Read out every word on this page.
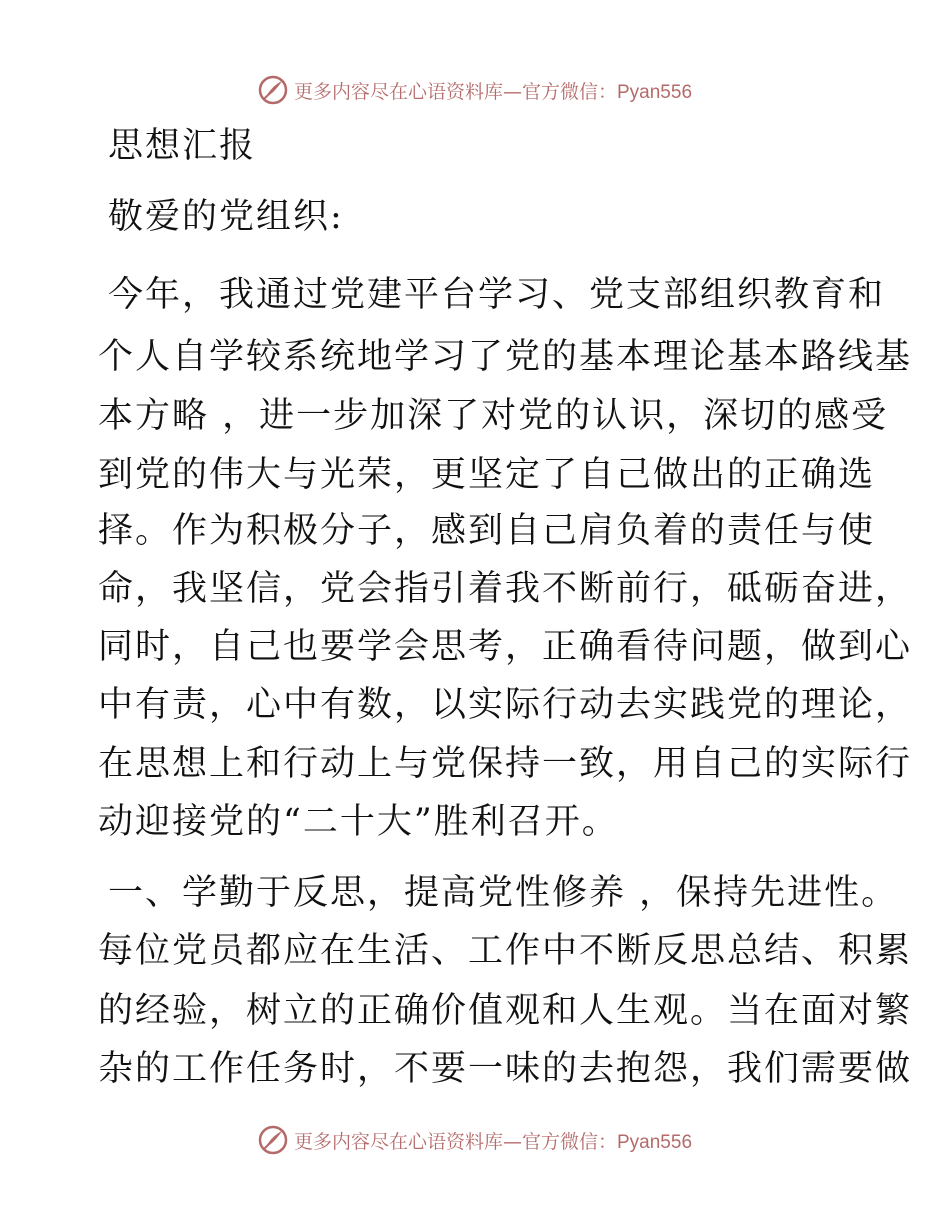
更多内容尽在心语资料库—官方微信：Pyan556
思想汇报
敬爱的党组织:
今年，我通过党建平台学习、党支部组织教育和
个人自学较系统地学习了党的基本理论基本路线基
本方略 ，进一步加深了对党的认识，深切的感受
到党的伟大与光荣，更坚定了自己做出的正确选
择。作为积极分子，感到自己肩负着的责任与使
命，我坚信，党会指引着我不断前行，砥砺奋进，
同时，自己也要学会思考，正确看待问题，做到心
中有责，心中有数，以实际行动去实践党的理论，
在思想上和行动上与党保持一致，用自己的实际行
动迎接党的“二十大”胜利召开。
一、学勤于反思，提高党性修养 ，保持先进性。
每位党员都应在生活、工作中不断反思总结、积累
的经验，树立的正确价值观和人生观。当在面对繁
杂的工作任务时，不要一味的去抱怨，我们需要做
更多内容尽在心语资料库—官方微信：Pyan556
